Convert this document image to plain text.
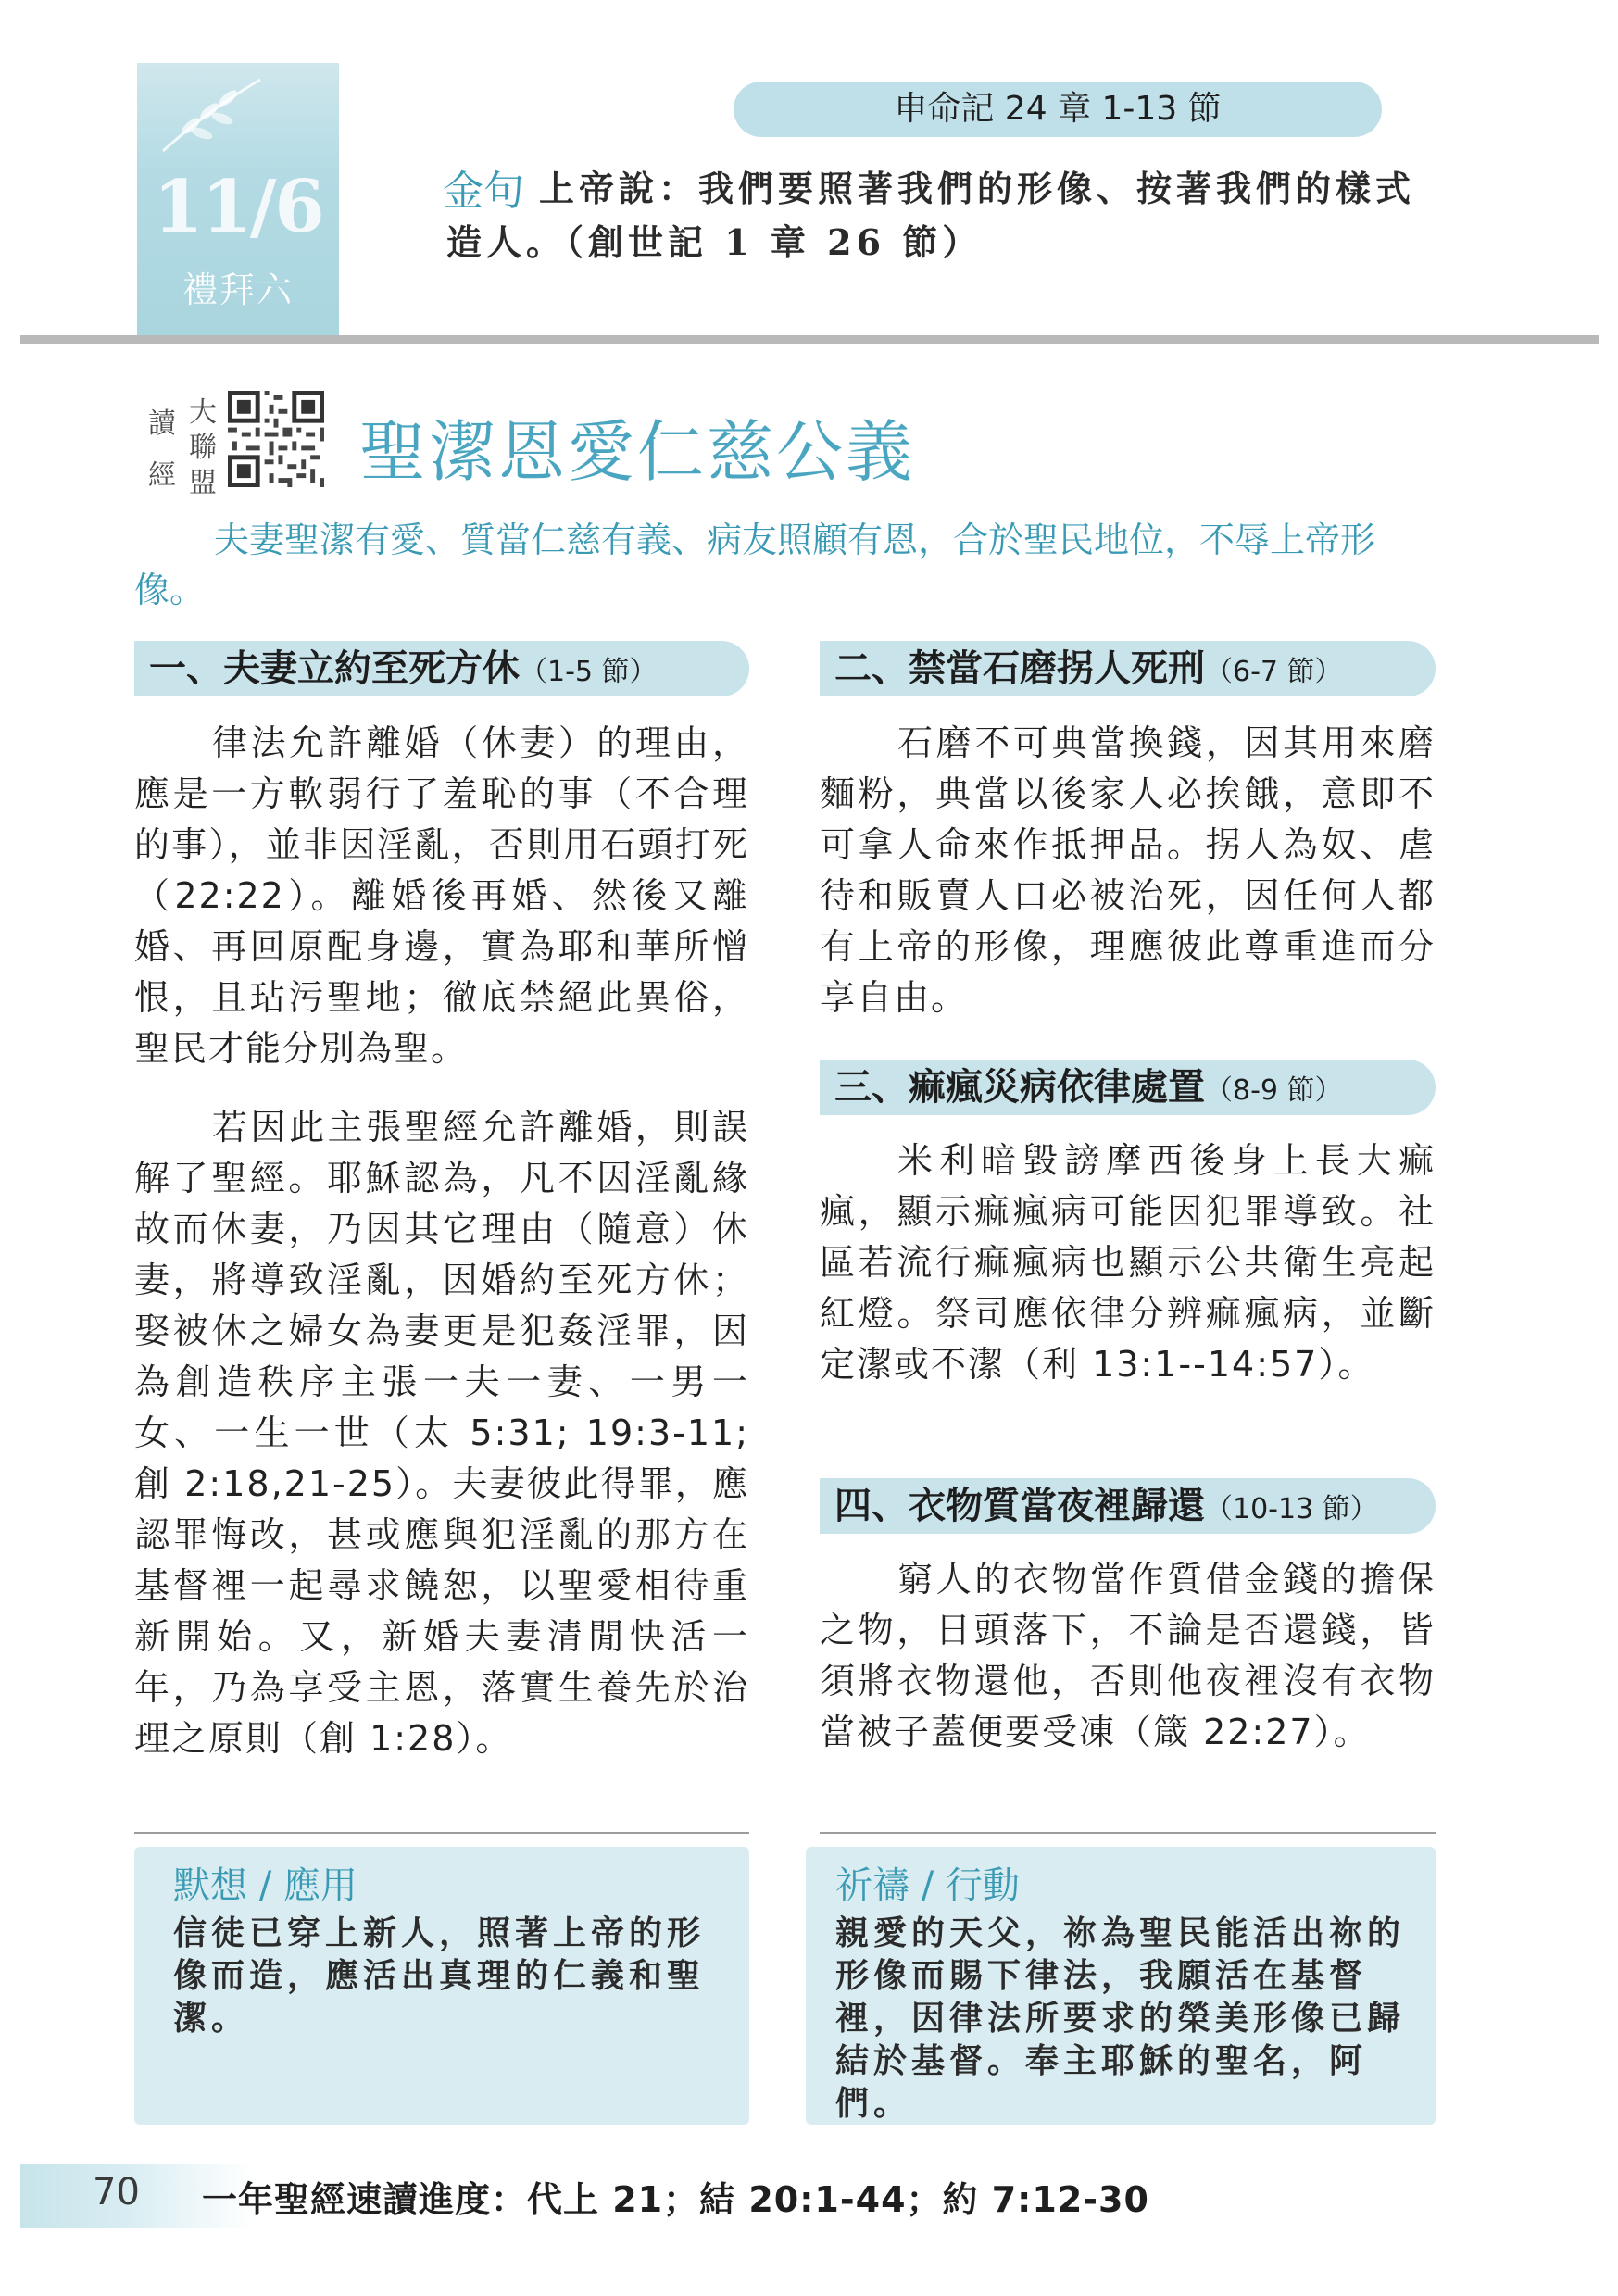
11/6
禮拜六
申命記 24 章 1-13 節
金句 上帝說：我們要照著我們的形像、按著我們的樣式
造人。（創世記 1 章 26 節）
讀
經
大
聯
盟 聖潔恩愛仁慈公義
夫妻聖潔有愛、質當仁慈有義、病友照顧有恩，合於聖民地位，不辱上帝形像。
一、夫妻立約至死方休（1-5 節）

律法允許離婚（休妻）的理由，應是一方軟弱行了羞恥的事（不合理的事），並非因淫亂，否則用石頭打死（22:22）。離婚後再婚、然後又離婚、再回原配身邊，實為耶和華所憎恨，且玷污聖地；徹底禁絕此異俗，聖民才能分別為聖。

若因此主張聖經允許離婚，則誤解了聖經。耶穌認為，凡不因淫亂緣故而休妻，乃因其它理由（隨意）休妻，將導致淫亂，因婚約至死方休；娶被休之婦女為妻更是犯姦淫罪，因為創造秩序主張一夫一妻、一男一女、一生一世（太 5:31; 19:3-11; 創 2:18,21-25）。夫妻彼此得罪，應認罪悔改，甚或應與犯淫亂的那方在基督裡一起尋求饒恕，以聖愛相待重新開始。又，新婚夫妻清閒快活一年，乃為享受主恩，落實生養先於治理之原則（創 1:28）。

二、禁當石磨拐人死刑（6-7 節）

石磨不可典當換錢，因其用來磨麵粉，典當以後家人必挨餓，意即不可拿人命來作抵押品。拐人為奴、虐待和販賣人口必被治死，因任何人都有上帝的形像，理應彼此尊重進而分享自由。

三、痲瘋災病依律處置（8-9 節）

米利暗毀謗摩西後身上長大痲瘋，顯示痲瘋病可能因犯罪導致。社區若流行痲瘋病也顯示公共衛生亮起紅燈。祭司應依律分辨痲瘋病，並斷定潔或不潔（利 13:1--14:57）。

四、衣物質當夜裡歸還（10-13 節）

窮人的衣物當作質借金錢的擔保之物，日頭落下，不論是否還錢，皆須將衣物還他，否則他夜裡沒有衣物當被子蓋便要受凍（箴 22:27）。

默想 / 應用
信徒已穿上新人，照著上帝的形像而造，應活出真理的仁義和聖潔。
祈禱 / 行動
親愛的天父，祢為聖民能活出祢的形像而賜下律法，我願活在基督裡，因律法所要求的榮美形像已歸結於基督。奉主耶穌的聖名，阿們。
70 一年聖經速讀進度：代上 21；結 20:1-44；約 7:12-30
